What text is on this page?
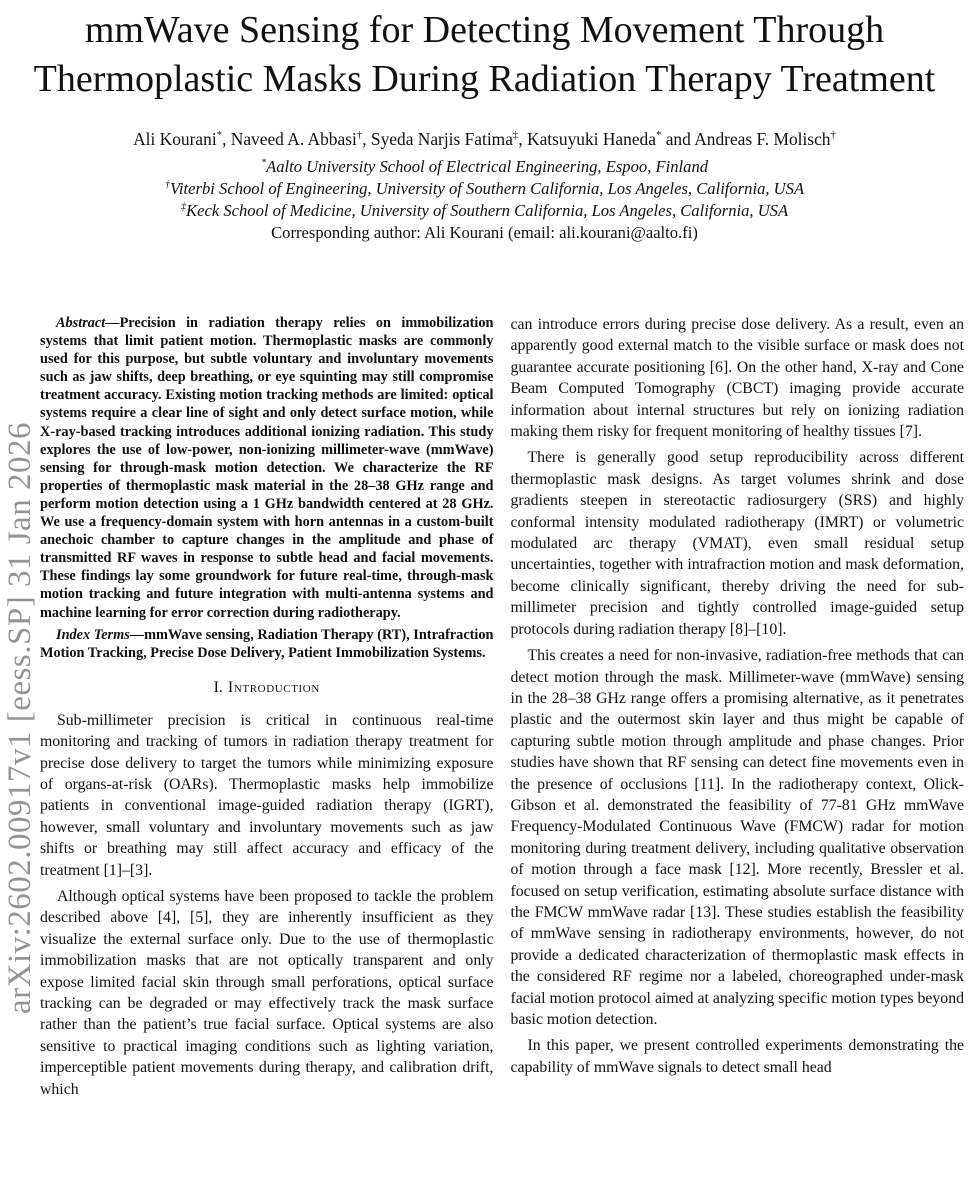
arXiv:2602.00917v1 [eess.SP] 31 Jan 2026
mmWave Sensing for Detecting Movement Through Thermoplastic Masks During Radiation Therapy Treatment
Ali Kourani*, Naveed A. Abbasi†, Syeda Narjis Fatima‡, Katsuyuki Haneda* and Andreas F. Molisch†
*Aalto University School of Electrical Engineering, Espoo, Finland
†Viterbi School of Engineering, University of Southern California, Los Angeles, California, USA
‡Keck School of Medicine, University of Southern California, Los Angeles, California, USA
Corresponding author: Ali Kourani (email: ali.kourani@aalto.fi)

Abstract—Precision in radiation therapy relies on immobilization systems that limit patient motion. Thermoplastic masks are commonly used for this purpose, but subtle voluntary and involuntary movements such as jaw shifts, deep breathing, or eye squinting may still compromise treatment accuracy. Existing motion tracking methods are limited: optical systems require a clear line of sight and only detect surface motion, while X-ray-based tracking introduces additional ionizing radiation. This study explores the use of low-power, non-ionizing millimeter-wave (mmWave) sensing for through-mask motion detection. We characterize the RF properties of thermoplastic mask material in the 28–38 GHz range and perform motion detection using a 1 GHz bandwidth centered at 28 GHz. We use a frequency-domain system with horn antennas in a custom-built anechoic chamber to capture changes in the amplitude and phase of transmitted RF waves in response to subtle head and facial movements. These findings lay some groundwork for future real-time, through-mask motion tracking and future integration with multi-antenna systems and machine learning for error correction during radiotherapy.

Index Terms—mmWave sensing, Radiation Therapy (RT), Intrafraction Motion Tracking, Precise Dose Delivery, Patient Immobilization Systems.

I. Introduction

Sub-millimeter precision is critical in continuous real-time monitoring and tracking of tumors in radiation therapy treatment for precise dose delivery to target the tumors while minimizing exposure of organs-at-risk (OARs). Thermoplastic masks help immobilize patients in conventional image-guided radiation therapy (IGRT), however, small voluntary and involuntary movements such as jaw shifts or breathing may still affect accuracy and efficacy of the treatment [1]–[3].

Although optical systems have been proposed to tackle the problem described above [4], [5], they are inherently insufficient as they visualize the external surface only. Due to the use of thermoplastic immobilization masks that are not optically transparent and only expose limited facial skin through small perforations, optical surface tracking can be degraded or may effectively track the mask surface rather than the patient’s true facial surface. Optical systems are also sensitive to practical imaging conditions such as lighting variation, imperceptible patient movements during therapy, and calibration drift, which

can introduce errors during precise dose delivery. As a result, even an apparently good external match to the visible surface or mask does not guarantee accurate positioning [6]. On the other hand, X-ray and Cone Beam Computed Tomography (CBCT) imaging provide accurate information about internal structures but rely on ionizing radiation making them risky for frequent monitoring of healthy tissues [7].

There is generally good setup reproducibility across different thermoplastic mask designs. As target volumes shrink and dose gradients steepen in stereotactic radiosurgery (SRS) and highly conformal intensity modulated radiotherapy (IMRT) or volumetric modulated arc therapy (VMAT), even small residual setup uncertainties, together with intrafraction motion and mask deformation, become clinically significant, thereby driving the need for sub-millimeter precision and tightly controlled image-guided setup protocols during radiation therapy [8]–[10].

This creates a need for non-invasive, radiation-free methods that can detect motion through the mask. Millimeter-wave (mmWave) sensing in the 28–38 GHz range offers a promising alternative, as it penetrates plastic and the outermost skin layer and thus might be capable of capturing subtle motion through amplitude and phase changes. Prior studies have shown that RF sensing can detect fine movements even in the presence of occlusions [11]. In the radiotherapy context, Olick-Gibson et al. demonstrated the feasibility of 77-81 GHz mmWave Frequency-Modulated Continuous Wave (FMCW) radar for motion monitoring during treatment delivery, including qualitative observation of motion through a face mask [12]. More recently, Bressler et al. focused on setup verification, estimating absolute surface distance with the FMCW mmWave radar [13]. These studies establish the feasibility of mmWave sensing in radiotherapy environments, however, do not provide a dedicated characterization of thermoplastic mask effects in the considered RF regime nor a labeled, choreographed under-mask facial motion protocol aimed at analyzing specific motion types beyond basic motion detection.

In this paper, we present controlled experiments demonstrating the capability of mmWave signals to detect small head
